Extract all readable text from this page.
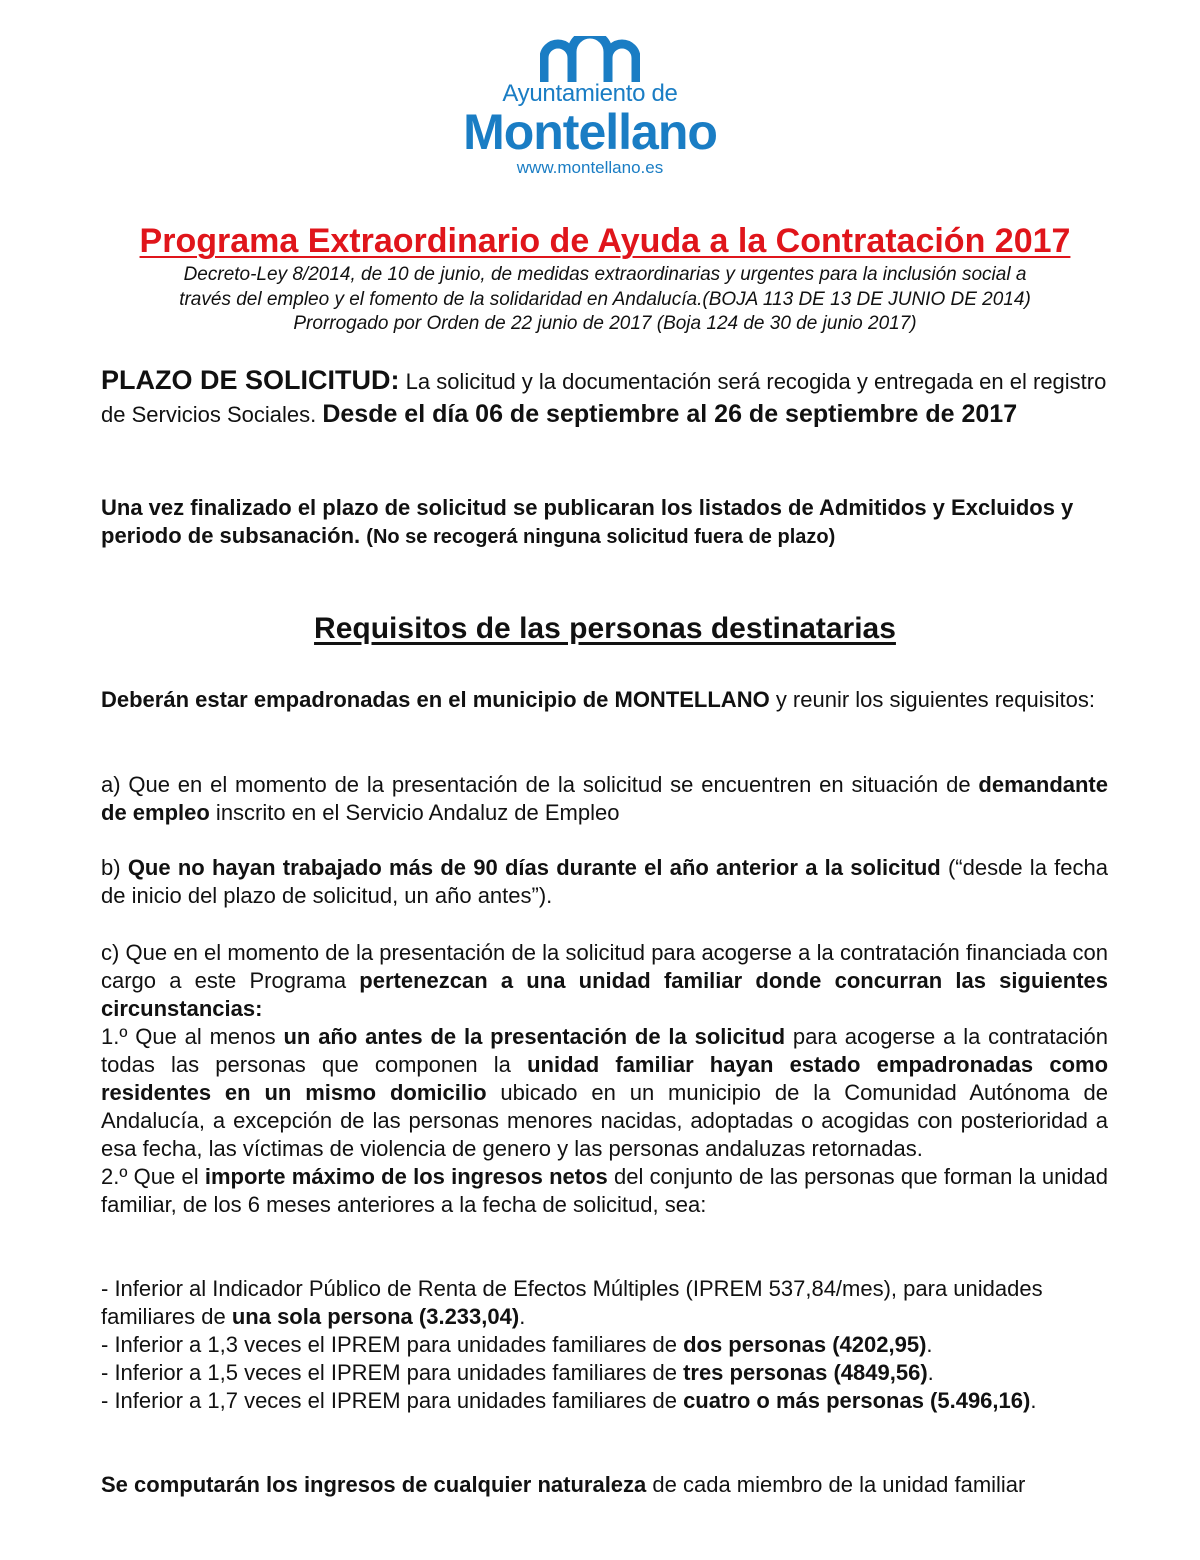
Ayuntamiento de
Montellano
www.montellano.es
Programa Extraordinario de Ayuda a la Contratación 2017
Decreto-Ley 8/2014, de 10 de junio, de medidas extraordinarias y urgentes para la inclusión social a
través del empleo y el fomento de la solidaridad en Andalucía.(BOJA 113 DE 13 DE JUNIO DE 2014)
Prorrogado por Orden de 22 junio de 2017 (Boja 124 de 30 de junio 2017)
PLAZO DE SOLICITUD: La solicitud y la documentación será recogida y entregada en el registro de Servicios Sociales. Desde el día 06 de septiembre al 26 de septiembre de 2017
Una vez finalizado el plazo de solicitud se publicaran los listados de Admitidos y Excluidos y periodo de subsanación. (No se recogerá ninguna solicitud fuera de plazo)
Requisitos de las personas destinatarias
Deberán estar empadronadas en el municipio de MONTELLANO y reunir los siguientes requisitos:
a) Que en el momento de la presentación de la solicitud se encuentren en situación de demandante de empleo inscrito en el Servicio Andaluz de Empleo
b) Que no hayan trabajado más de 90 días durante el año anterior a la solicitud (“desde la fecha de inicio del plazo de solicitud, un año antes”).

c) Que en el momento de la presentación de la solicitud para acogerse a la contratación financiada con cargo a este Programa pertenezcan a una unidad familiar donde concurran las siguientes circunstancias:

1.º Que al menos un año antes de la presentación de la solicitud para acogerse a la contratación todas las personas que componen la unidad familiar hayan estado empadronadas como residentes en un mismo domicilio ubicado en un municipio de la Comunidad Autónoma de Andalucía, a excepción de las personas menores nacidas, adoptadas o acogidas con posterioridad a esa fecha, las víctimas de violencia de genero y las personas andaluzas retornadas.

2.º Que el importe máximo de los ingresos netos del conjunto de las personas que forman la unidad familiar, de los 6 meses anteriores a la fecha de solicitud, sea:

- Inferior al Indicador Público de Renta de Efectos Múltiples (IPREM 537,84/mes), para unidades familiares de una sola persona (3.233,04).

- Inferior a 1,3 veces el IPREM para unidades familiares de dos personas (4202,95).

- Inferior a 1,5 veces el IPREM para unidades familiares de tres personas (4849,56).

- Inferior a 1,7 veces el IPREM para unidades familiares de cuatro o más personas (5.496,16).

Se computarán los ingresos de cualquier naturaleza de cada miembro de la unidad familiar
